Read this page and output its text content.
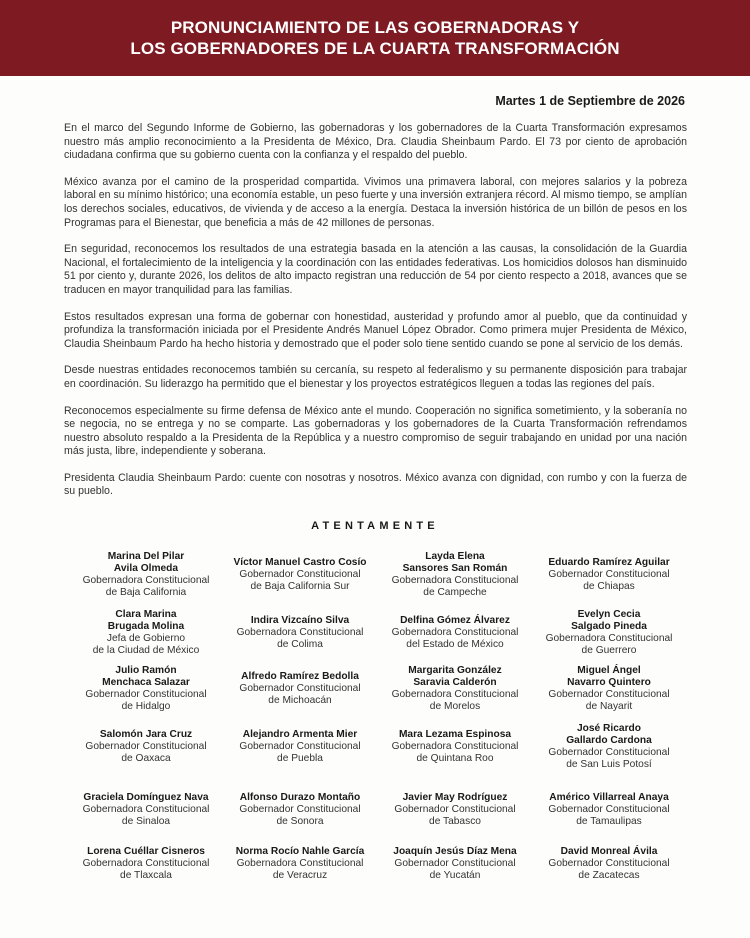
PRONUNCIAMIENTO DE LAS GOBERNADORAS Y
LOS GOBERNADORES DE LA CUARTA TRANSFORMACIÓN
Martes 1 de Septiembre de 2026

En el marco del Segundo Informe de Gobierno, las gobernadoras y los gobernadores de la Cuarta Transformación expresamos nuestro más amplio reconocimiento a la Presidenta de México, Dra. Claudia Sheinbaum Pardo. El 73 por ciento de aprobación ciudadana confirma que su gobierno cuenta con la confianza y el respaldo del pueblo.

México avanza por el camino de la prosperidad compartida. Vivimos una primavera laboral, con mejores salarios y la pobreza laboral en su mínimo histórico; una economía estable, un peso fuerte y una inversión extranjera récord. Al mismo tiempo, se amplían los derechos sociales, educativos, de vivienda y de acceso a la energía. Destaca la inversión histórica de un billón de pesos en los Programas para el Bienestar, que beneficia a más de 42 millones de personas.

En seguridad, reconocemos los resultados de una estrategia basada en la atención a las causas, la consolidación de la Guardia Nacional, el fortalecimiento de la inteligencia y la coordinación con las entidades federativas. Los homicidios dolosos han disminuido 51 por ciento y, durante 2026, los delitos de alto impacto registran una reducción de 54 por ciento respecto a 2018, avances que se traducen en mayor tranquilidad para las familias.

Estos resultados expresan una forma de gobernar con honestidad, austeridad y profundo amor al pueblo, que da continuidad y profundiza la transformación iniciada por el Presidente Andrés Manuel López Obrador. Como primera mujer Presidenta de México, Claudia Sheinbaum Pardo ha hecho historia y demostrado que el poder solo tiene sentido cuando se pone al servicio de los demás.

Desde nuestras entidades reconocemos también su cercanía, su respeto al federalismo y su permanente disposición para trabajar en coordinación. Su liderazgo ha permitido que el bienestar y los proyectos estratégicos lleguen a todas las regiones del país.

Reconocemos especialmente su firme defensa de México ante el mundo. Cooperación no significa sometimiento, y la soberanía no se negocia, no se entrega y no se comparte. Las gobernadoras y los gobernadores de la Cuarta Transformación refrendamos nuestro absoluto respaldo a la Presidenta de la República y a nuestro compromiso de seguir trabajando en unidad por una nación más justa, libre, independiente y soberana.

Presidenta Claudia Sheinbaum Pardo: cuente con nosotras y nosotros. México avanza con dignidad, con rumbo y con la fuerza de su pueblo.

ATENTAMENTE
Marina Del Pilar
Avila Olmeda
Gobernadora Constitucional
de Baja California
Víctor Manuel Castro Cosío
Gobernador Constitucional
de Baja California Sur
Layda Elena
Sansores San Román
Gobernadora Constitucional
de Campeche
Eduardo Ramírez Aguilar
Gobernador Constitucional
de Chiapas
Clara Marina
Brugada Molina
Jefa de Gobierno
de la Ciudad de México
Indira Vizcaíno Silva
Gobernadora Constitucional
de Colima
Delfina Gómez Álvarez
Gobernadora Constitucional
del Estado de México
Evelyn Cecia
Salgado Pineda
Gobernadora Constitucional
de Guerrero
Julio Ramón
Menchaca Salazar
Gobernador Constitucional
de Hidalgo
Alfredo Ramírez Bedolla
Gobernador Constitucional
de Michoacán
Margarita González
Saravia Calderón
Gobernadora Constitucional
de Morelos
Miguel Ángel
Navarro Quintero
Gobernador Constitucional
de Nayarit
Salomón Jara Cruz
Gobernador Constitucional
de Oaxaca
Alejandro Armenta Mier
Gobernador Constitucional
de Puebla
Mara Lezama Espinosa
Gobernadora Constitucional
de Quintana Roo
José Ricardo
Gallardo Cardona
Gobernador Constitucional
de San Luis Potosí
Graciela Domínguez Nava
Gobernadora Constitucional
de Sinaloa
Alfonso Durazo Montaño
Gobernador Constitucional
de Sonora
Javier May Rodríguez
Gobernador Constitucional
de Tabasco
Américo Villarreal Anaya
Gobernador Constitucional
de Tamaulipas
Lorena Cuéllar Cisneros
Gobernadora Constitucional
de Tlaxcala
Norma Rocío Nahle García
Gobernadora Constitucional
de Veracruz
Joaquín Jesús Díaz Mena
Gobernador Constitucional
de Yucatán
David Monreal Ávila
Gobernador Constitucional
de Zacatecas
